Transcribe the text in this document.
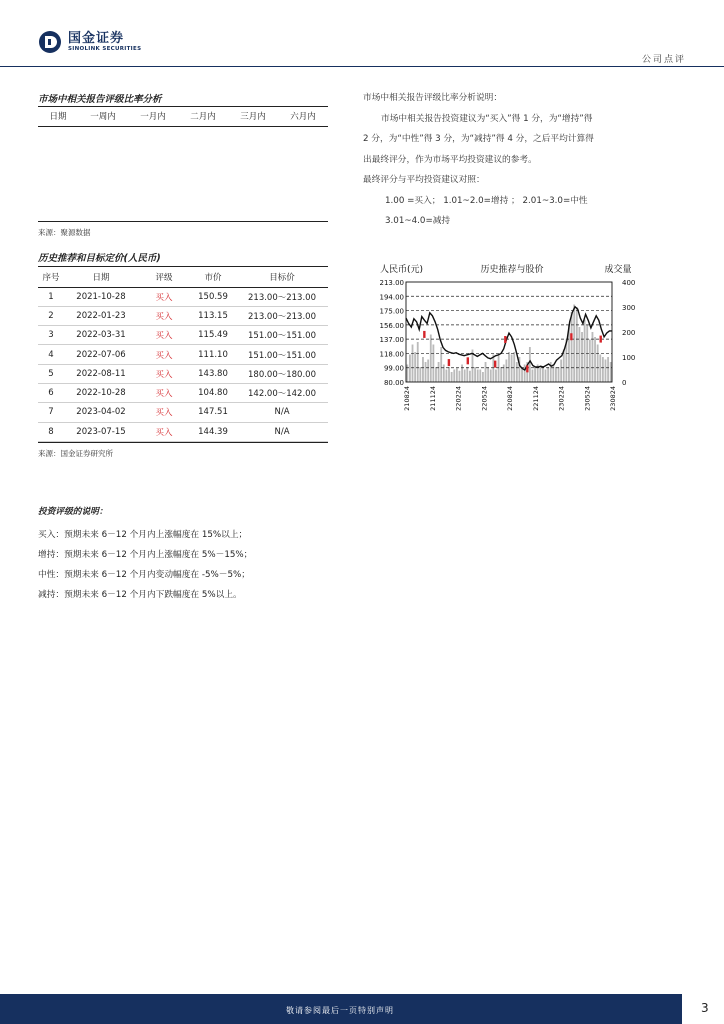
国金证券
SINOLINK SECURITIES
公司点评
市场中相关报告评级比率分析
日期	一周内	一月内	二月内	三月内	六月内
来源：聚源数据
市场中相关报告评级比率分析说明：
市场中相关报告投资建议为“买入”得 1 分，为“增持”得
2 分，为“中性”得 3 分，为“减持”得 4 分，之后平均计算得
出最终评分，作为市场平均投资建议的参考。
最终评分与平均投资建议对照：
1.00 =买入； 1.01~2.0=增持 ； 2.01~3.0=中性
3.01~4.0=减持
历史推荐和目标定价(人民币)
序号	日期	评级	市价	目标价
1	2021-10-28	买入	150.59	213.00～213.00
2	2022-01-23	买入	113.15	213.00～213.00
3	2022-03-31	买入	115.49	151.00～151.00
4	2022-07-06	买入	111.10	151.00～151.00
5	2022-08-11	买入	143.80	180.00～180.00
6	2022-10-28	买入	104.80	142.00～142.00
7	2023-04-02	买入	147.51	N/A
8	2023-07-15	买入	144.39	N/A
来源：国金证券研究所
人民币(元)	历史推荐与股价	成交量
213.00
194.00
175.00
156.00
137.00
118.00
99.00
80.00
400
300
200
100
0
210824	211124	220224	220524	220824	221124	230224	230524	230824
投资评级的说明：
买入：预期未来 6－12 个月内上涨幅度在 15%以上；
增持：预期未来 6－12 个月内上涨幅度在 5%－15%；
中性：预期未来 6－12 个月内变动幅度在 -5%－5%；
减持：预期未来 6－12 个月内下跌幅度在 5%以上。
敬请参阅最后一页特别声明	3
